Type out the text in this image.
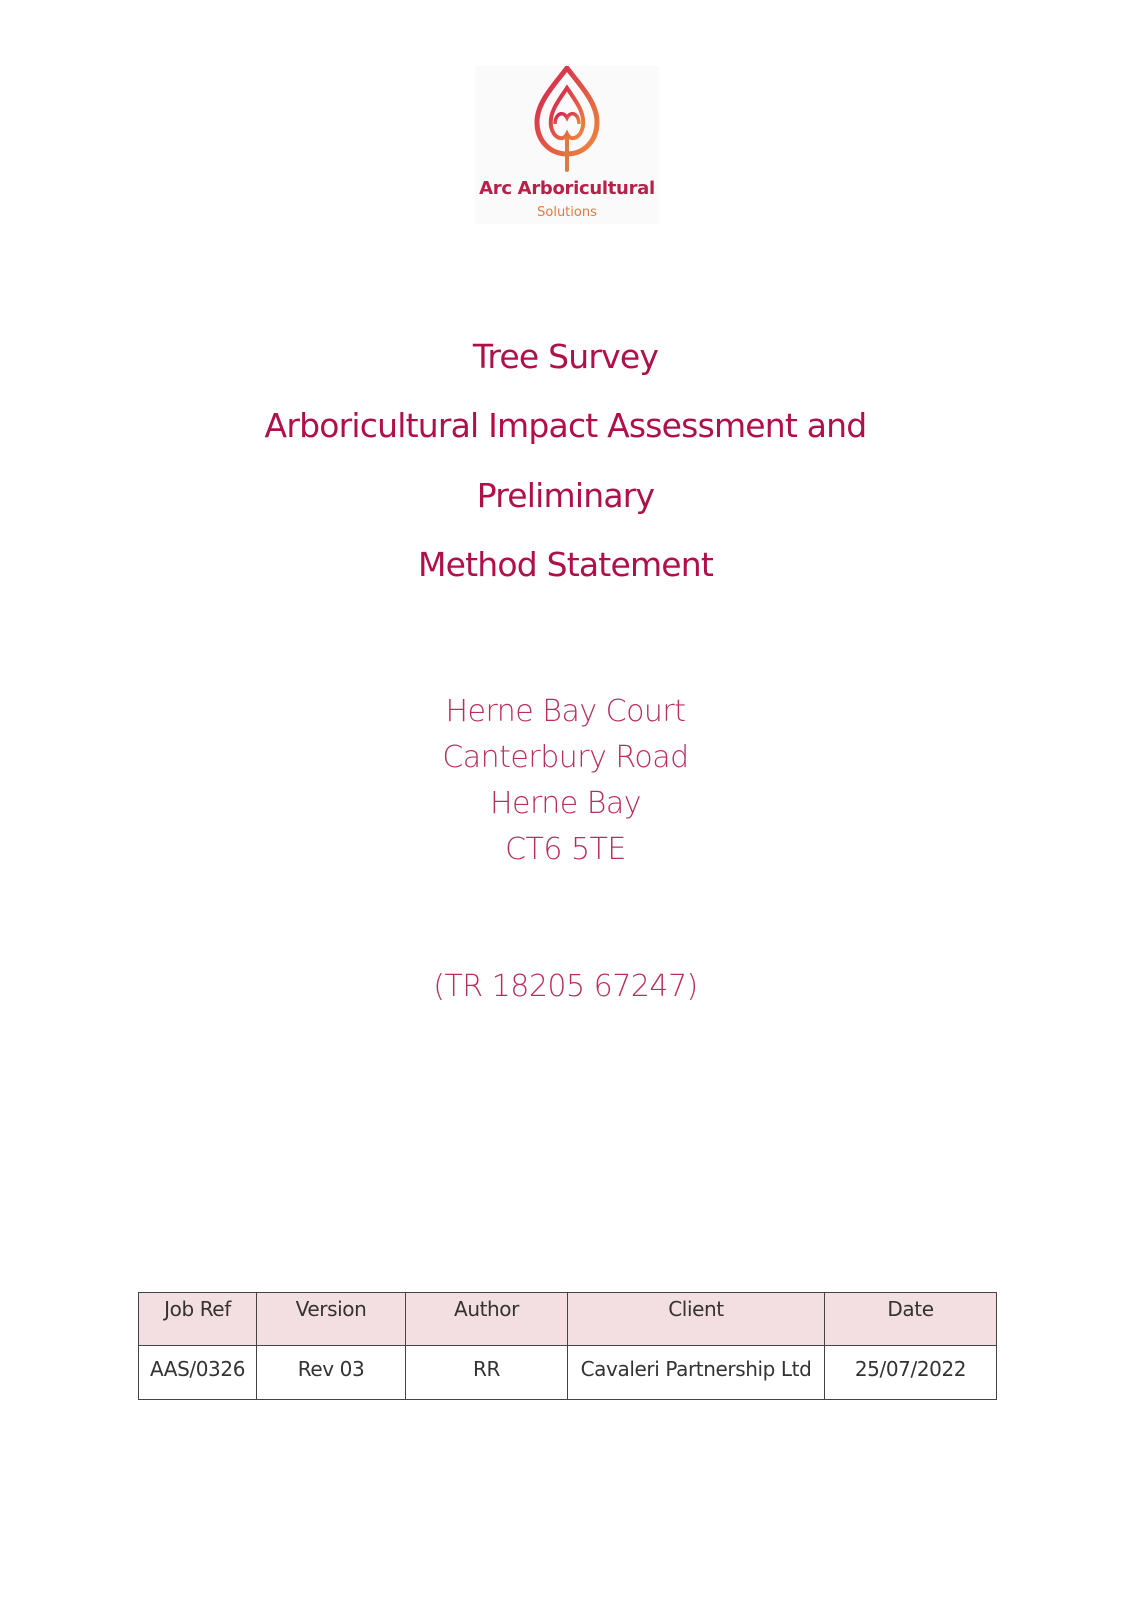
Arc Arboricultural
Solutions
Tree Survey
Arboricultural Impact Assessment and
Preliminary
Method Statement
Herne Bay Court
Canterbury Road
Herne Bay
CT6 5TE
(TR 18205 67247)
Job Ref	Version	Author	Client	Date
AAS/0326	Rev 03	RR	Cavaleri Partnership Ltd	25/07/2022
